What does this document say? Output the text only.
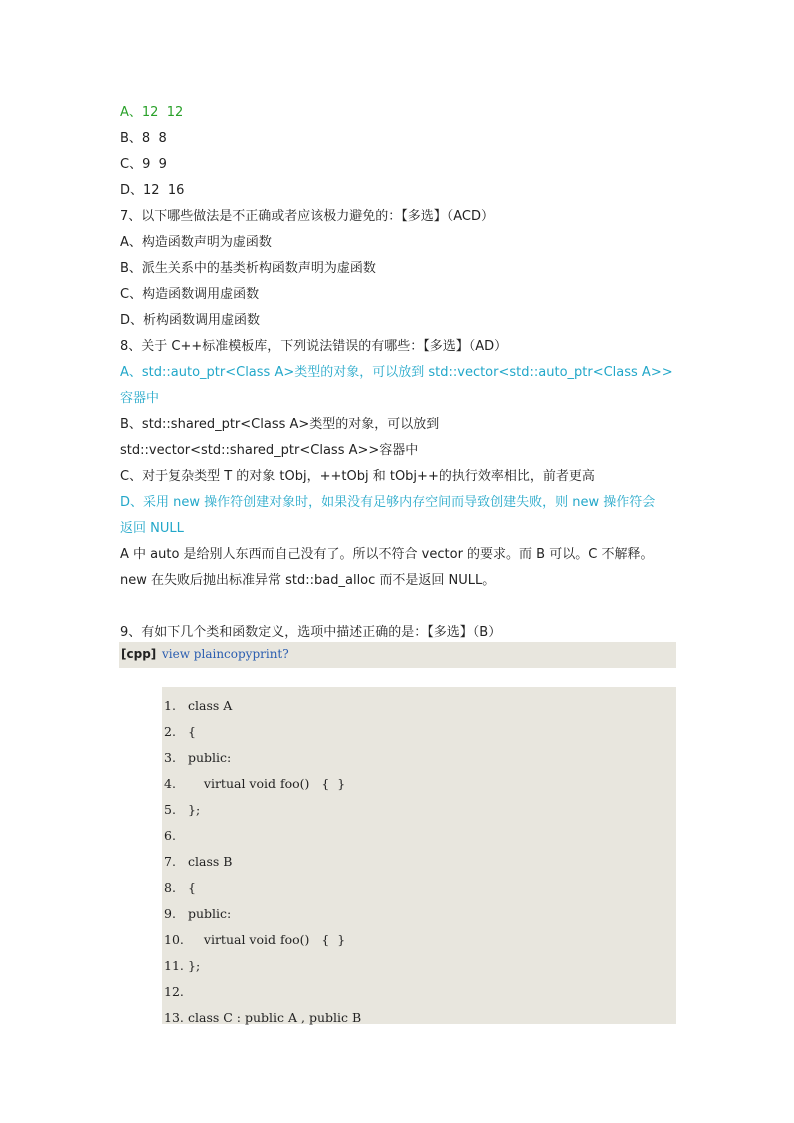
A、12  12
B、8  8
C、9  9
D、12  16
7、以下哪些做法是不正确或者应该极力避免的：【多选】（ACD）
A、构造函数声明为虚函数
B、派生关系中的基类析构函数声明为虚函数
C、构造函数调用虚函数
D、析构函数调用虚函数
8、关于 C++标准模板库，下列说法错误的有哪些：【多选】（AD）
A、std::auto_ptr<Class A>类型的对象，可以放到 std::vector<std::auto_ptr<Class A>>
容器中
B、std::shared_ptr<Class A>类型的对象，可以放到
std::vector<std::shared_ptr<Class A>>容器中
C、对于复杂类型 T 的对象 tObj，++tObj 和 tObj++的执行效率相比，前者更高
D、采用 new 操作符创建对象时，如果没有足够内存空间而导致创建失败，则 new 操作符会
返回 NULL
A 中 auto 是给别人东西而自己没有了。所以不符合 vector 的要求。而 B 可以。C 不解释。
new 在失败后抛出标准异常 std::bad_alloc 而不是返回 NULL。
9、有如下几个类和函数定义，选项中描述正确的是：【多选】（B）
[cpp] view plaincopyprint?
1. class A
2. {
3. public:
4.    virtual void foo()   {  }
5. };
6.
7. class B
8. {
9. public:
10.    virtual void foo()   {  }
11. };
12.
13. class C : public A , public B
